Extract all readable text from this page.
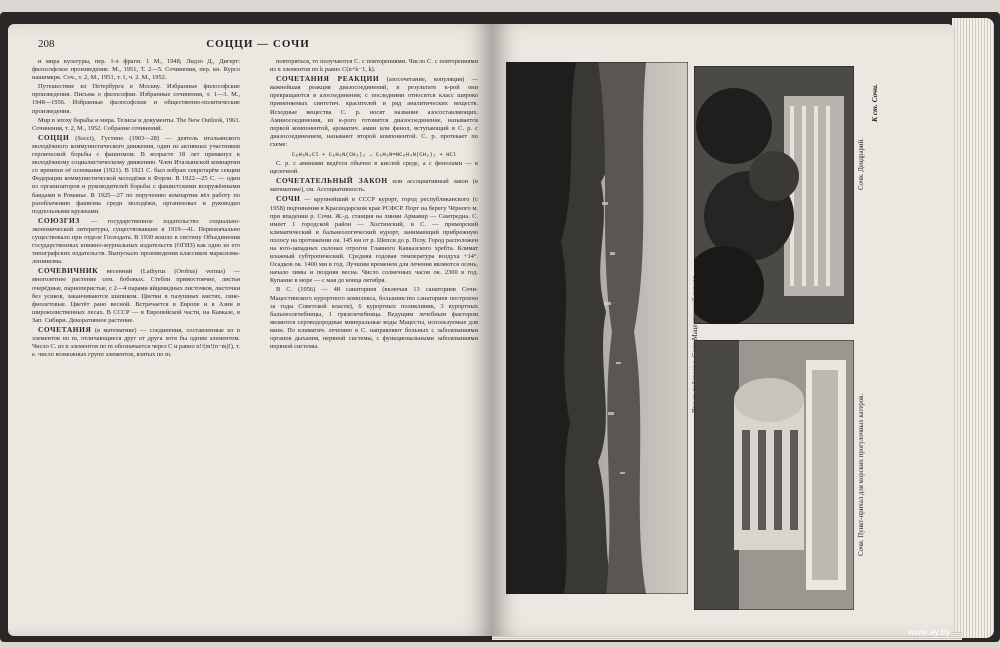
208	СОЦЦИ — СОЧИ

и мира культуры, пер. 1-х фрагм. 1 М., 1948; Лидзо Д., Дигерт: философское произведение. М., 1951, Т. 2—5. Сочинения, пер. кн. Курсо нашимкрк. Соч., т. 2, М., 1951, т. 1, ч. 2. М., 1952.

Путешествие из Петербурга в Москву. Избранные философские произведения. Письма о философии. Избранные сочинения, т. 1—3. М., 1948—1956. Избранные философские и общественно-политические произведения.

Мир в эпоху борьбы и мира. Тезисы и документы. The New Outlook, 1963. Сочинения, т. 2, М., 1952. Собрание сочинений.

СОЦЦИ (Socci), Густино (1903—28) — деятель итальянского молодёжного коммунистического движения, один из активных участников героической борьбы с фашизмом. В возрасте 18 лет примкнул к молодёжному социалистическому движению. Член Итальянской компартии со времени её основания (1921). В 1921 С. был избран секретарём секции Федерации коммунистической молодёжи в Форли. В 1922—25 С. — один из организаторов и руководителей борьбы с фашистскими вооружёнными бандами в Романье. В 1925—27 по поручению компартии вёл работу по разоблачению фашизма среди молодёжи, организовал и руководил подпольными кружками.

СОЮЗГИЗ — государственное издательство социально-экономической литературы, существовавшее в 1919—41. Первоначально существовало при отделе Госиздата. В 1930 вошло в систему Объединения государственных книжно-журнальных издательств (ОГИЗ) как одно из его типографских издательств. Выпускало произведения классиков марксизма-ленинизма.

СОЧЕВИЧНИК весенний (Lathyrus (Orobus) vernus) — многолетнее растение сем. бобовых. Стебли прямостоячие, листья очерёдные, парноперистые, с 2—4 парами яйцевидных листочков, листочки без усиков, заканчиваются шипиком. Цветки в пазушных кистях, сине-фиолетовые. Цветёт рано весной. Встречается в Европе и в Азии в широколиственных лесах. В СССР — в Европейской части, на Кавказе, в Зап. Сибири. Декоративное растение.

СОЧЕТАНИЯ (в математике) — соединения, составленные из n элементов по m, отличающиеся друг от друга хотя бы одним элементом. Число С. из n элементов по m обозначается через C и равно n!/(m!(n−m)!), т. е. число возможных групп элементов, взятых по m.

повторяться, то получаются С. с повторениями. Число С. с повторениями из n элементов по k равно C(n+k−1, k).

СОЧЕТАНИЯ РЕАКЦИИ (азосочетание, копуляция) — важнейшая реакция диазосоединений, в результате к-рой они превращаются в азосоединения; с последними относится класс широко применяемых синтетич. красителей и ряд аналитических веществ. Исходные вещества С. р. носят название азосоставляющих. Аминосоединения, из к-рого готовится диазосоединение, называется первой компонентой, ароматич. амин или фенол, вступающий в С. р. с диазосоединением, называют второй компонентой. С. р. протекает по схеме:

C₆H₅N₂Cl + C₆H₅N(CH₃)₂ → C₆H₅N=NC₆H₄N(CH₃)₂ + HCl

С. р. с аминами ведётся обычно в кислой среде, а с фенолами — в щелочной.

СОЧЕТАТЕЛЬНЫЙ ЗАКОН или ассоциативный закон (в математике), см. Ассоциативность.

СОЧИ — крупнейший в СССР курорт, город республиканского (с 1958) подчинения в Краснодарском крае РСФСР. Порт на берегу Чёрного м. при впадении р. Сочи. Ж.-д. станция на линии Армавир — Самтредиа. С. имеет 1 городской район — Хостинский, и С. — приморский климатический и бальнеологический курорт, занимающий прибрежную полосу на протяжении ок. 145 км от р. Шепси до р. Псоу. Город расположен на юго-западных склонах отрогов Главного Кавказского хребта. Климат влажный субтропический. Средняя годовая температура воздуха +14°. Осадков ок. 1400 мм в год. Лучшим временем для лечения являются осень, начало зимы и поздняя весна. Число солнечных часов ок. 2300 в год. Купание в море — с мая до конца октября.

В С. (1956) — 48 санаториев (включая 13 санаториев Сочи-Мацестинского курортного комплекса, большинство санаториев построено за годы Советской власти), 6 курортных поликлиник, 3 курортных бальнеолечебницы, 1 грязелечебница. Ведущим лечебным фактором являются сероводородные минеральные воды Мацесты, используемые для ванн. По климатич. лечению в С. направляют больных с заболеваниями органов дыхания, нервной системы, с функциональными заболеваниями нервной системы.	Сочи-Мацестинский
Сочи. Дендрарий.
Сочи. Пункт-причал для морских прогулочных катеров.
К ст. Сочи.
www.ay.by
